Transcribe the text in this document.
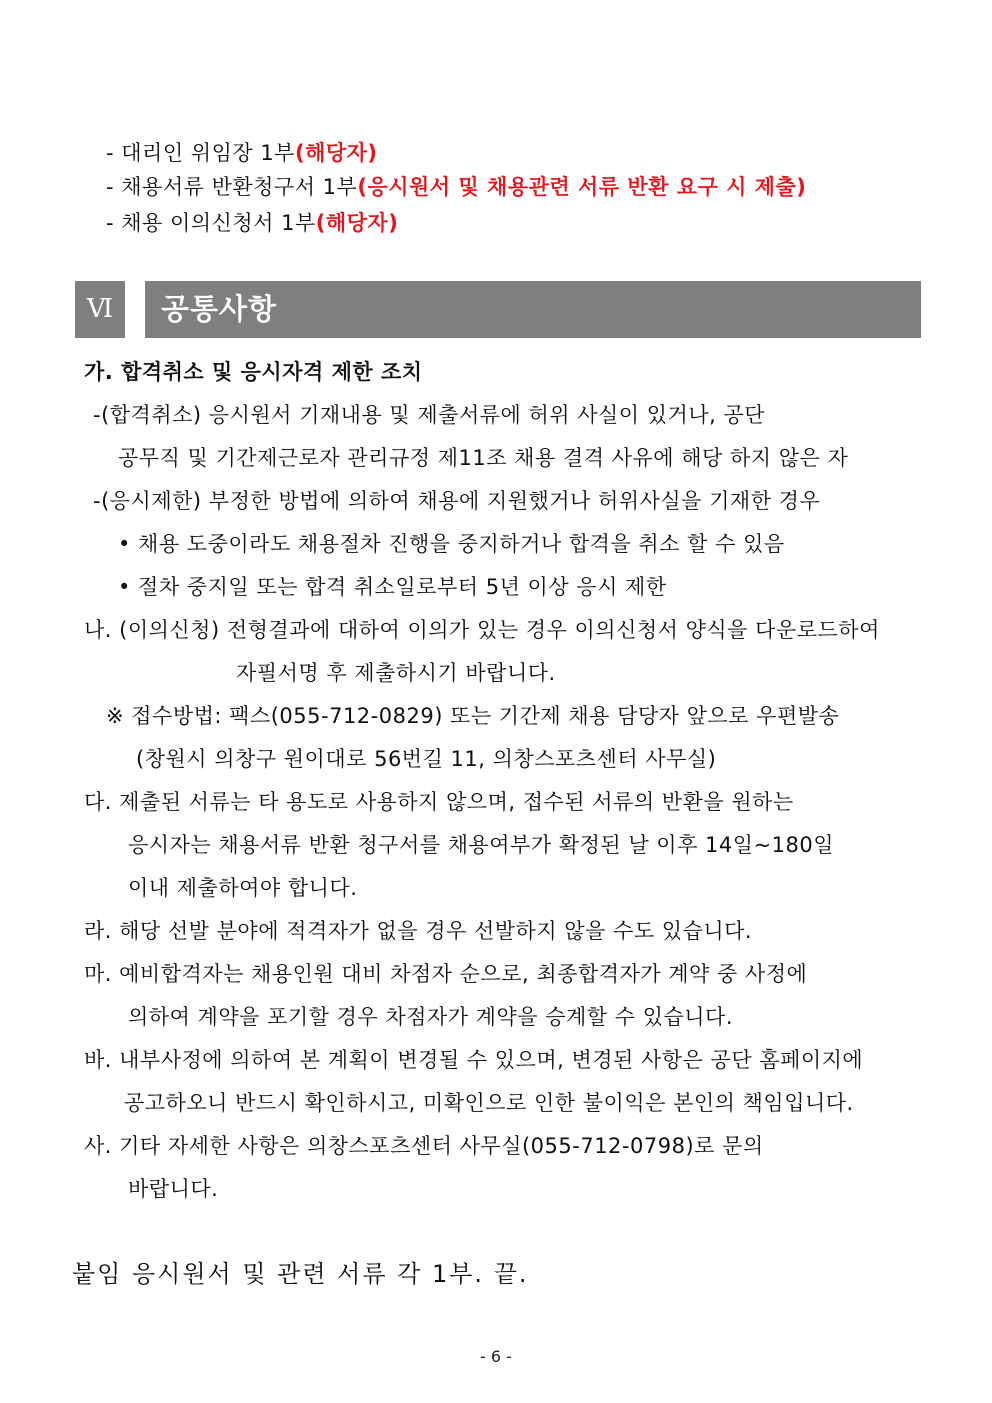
- 대리인 위임장 1부(해당자)
- 채용서류 반환청구서 1부(응시원서 및 채용관련 서류 반환 요구 시 제출)
- 채용 이의신청서 1부(해당자)
Ⅵ	공통사항
가. 합격취소 및 응시자격 제한 조치
-(합격취소) 응시원서 기재내용 및 제출서류에 허위 사실이 있거나, 공단
공무직 및 기간제근로자 관리규정 제11조 채용 결격 사유에 해당 하지 않은 자
-(응시제한) 부정한 방법에 의하여 채용에 지원했거나 허위사실을 기재한 경우
• 채용 도중이라도 채용절차 진행을 중지하거나 합격을 취소 할 수 있음
• 절차 중지일 또는 합격 취소일로부터 5년 이상 응시 제한
나. (이의신청) 전형결과에 대하여 이의가 있는 경우 이의신청서 양식을 다운로드하여
자필서명 후 제출하시기 바랍니다.
※ 접수방법: 팩스(055-712-0829) 또는 기간제 채용 담당자 앞으로 우편발송
(창원시 의창구 원이대로 56번길 11, 의창스포츠센터 사무실)
다. 제출된 서류는 타 용도로 사용하지 않으며, 접수된 서류의 반환을 원하는
응시자는 채용서류 반환 청구서를 채용여부가 확정된 날 이후 14일~180일
이내 제출하여야 합니다.
라. 해당 선발 분야에 적격자가 없을 경우 선발하지 않을 수도 있습니다.
마. 예비합격자는 채용인원 대비 차점자 순으로, 최종합격자가 계약 중 사정에
의하여 계약을 포기할 경우 차점자가 계약을 승계할 수 있습니다.
바. 내부사정에 의하여 본 계획이 변경될 수 있으며, 변경된 사항은 공단 홈페이지에
공고하오니 반드시 확인하시고, 미확인으로 인한 불이익은 본인의 책임입니다.
사. 기타 자세한 사항은 의창스포츠센터 사무실(055-712-0798)로 문의
바랍니다.
붙임 응시원서 및 관련 서류 각 1부. 끝.
- 6 -
